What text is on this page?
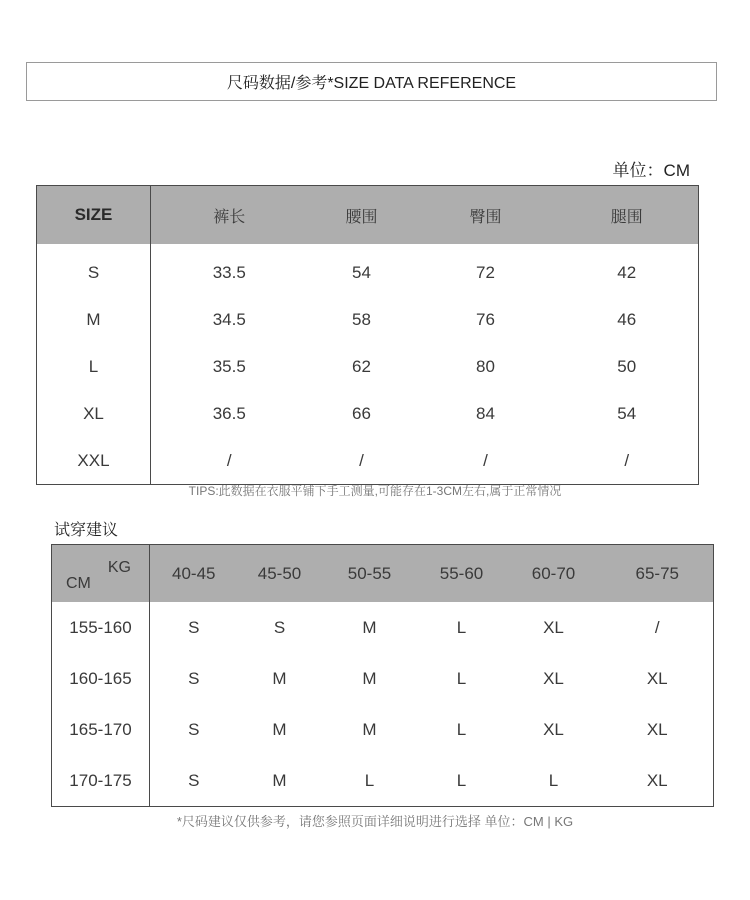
尺码数据/参考*SIZE DATA REFERENCE
单位：CM
SIZE	裤长	腰围	臀围	腿围
S	33.5	54	72	42
M	34.5	58	76	46
L	35.5	62	80	50
XL	36.5	66	84	54
XXL	/	/	/	/
TIPS:此数据在衣服平铺下手工测量,可能存在1-3CM左右,属于正常情况
试穿建议
KG
CM	40-45	45-50	50-55	55-60	60-70	65-75
155-160	S	S	M	L	XL	/
160-165	S	M	M	L	XL	XL
165-170	S	M	M	L	XL	XL
170-175	S	M	L	L	L	XL
*尺码建议仅供参考，请您参照页面详细说明进行选择 单位：CM | KG
